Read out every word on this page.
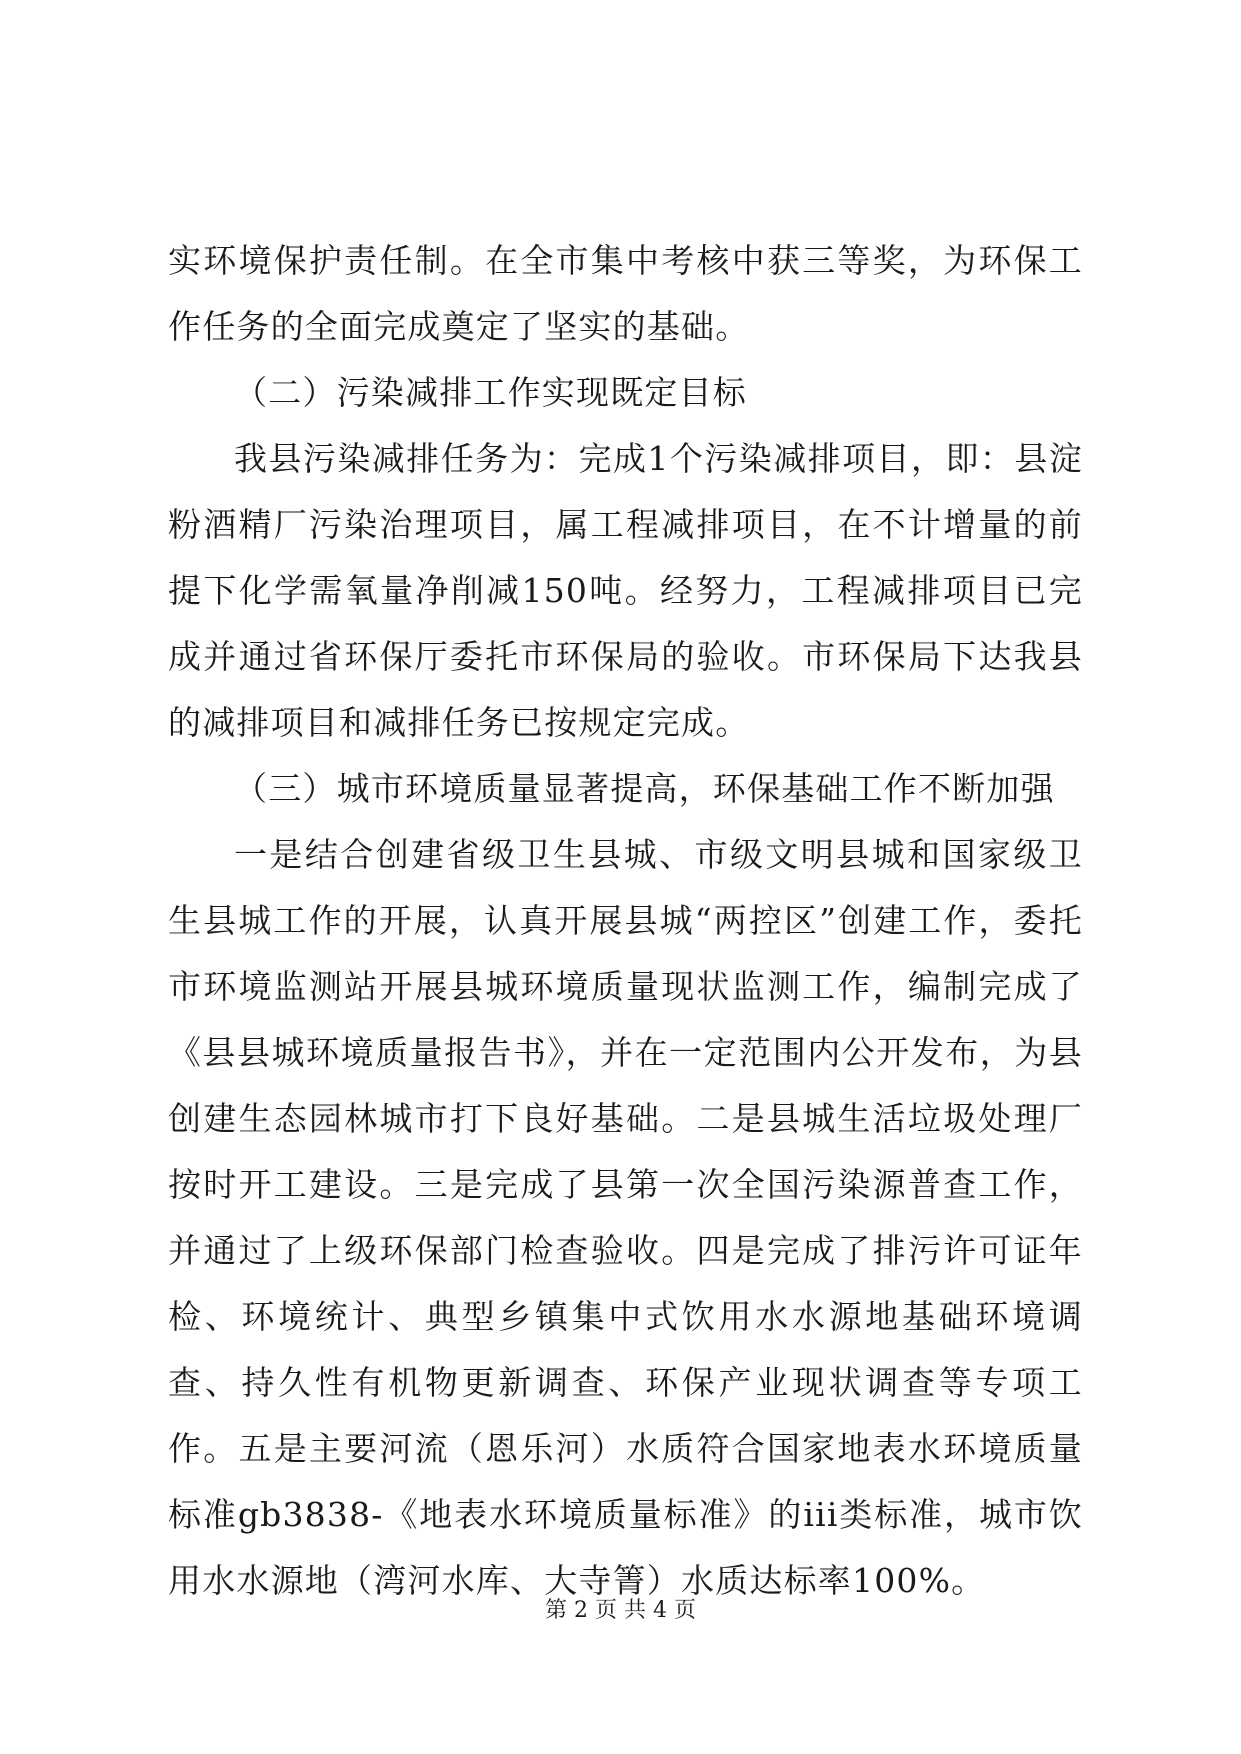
实环境保护责任制。在全市集中考核中获三等奖，为环保工作任务的全面完成奠定了坚实的基础。

（二）污染减排工作实现既定目标

我县污染减排任务为：完成1个污染减排项目，即：县淀粉酒精厂污染治理项目，属工程减排项目，在不计增量的前提下化学需氧量净削减150吨。经努力，工程减排项目已完成并通过省环保厅委托市环保局的验收。市环保局下达我县的减排项目和减排任务已按规定完成。

（三）城市环境质量显著提高，环保基础工作不断加强

一是结合创建省级卫生县城、市级文明县城和国家级卫生县城工作的开展，认真开展县城“两控区”创建工作，委托市环境监测站开展县城环境质量现状监测工作，编制完成了《县县城环境质量报告书》，并在一定范围内公开发布，为县创建生态园林城市打下良好基础。二是县城生活垃圾处理厂按时开工建设。三是完成了县第一次全国污染源普查工作，并通过了上级环保部门检查验收。四是完成了排污许可证年检、环境统计、典型乡镇集中式饮用水水源地基础环境调查、持久性有机物更新调查、环保产业现状调查等专项工作。五是主要河流（恩乐河）水质符合国家地表水环境质量标准gb3838-《地表水环境质量标准》的iii类标准，城市饮用水水源地（湾河水库、大寺箐）水质达标率100%。

第 2 页 共 4 页
